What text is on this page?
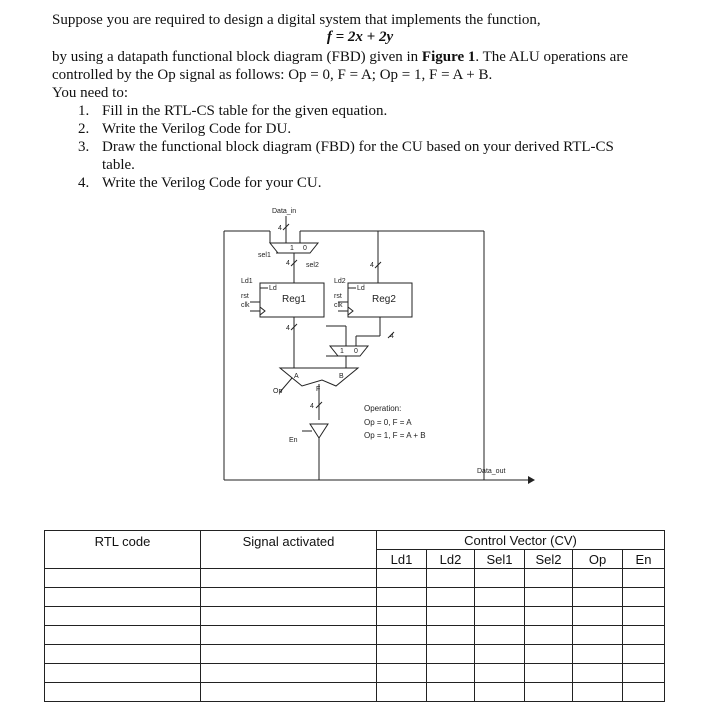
Suppose you are required to design a digital system that implements the function,
f = 2x + 2y
by using a datapath functional block diagram (FBD) given in Figure 1. The ALU operations are
controlled by the Op signal as follows: Op = 0, F = A; Op = 1, F = A + B.
You need to:
1. Fill in the RTL-CS table for the given equation.
2. Write the Verilog Code for DU.
3. Draw the functional block diagram (FBD) for the CU based on your derived RTL-CS
table.
4. Write the Verilog Code for your CU.
Data_in
Data_out
sel1
sel2
1 0
1 0
4
4
4
4
4
4
Ld1
Ld
rst
clk
Reg1
Ld2
Ld
rst
clk
Reg2
A	B
F
Op
En
Operation:
Op = 0, F = A
Op = 1, F = A + B
RTL code	Signal activated	Control Vector (CV)					
		Ld1	Ld2	Sel1	Sel2	Op	En
